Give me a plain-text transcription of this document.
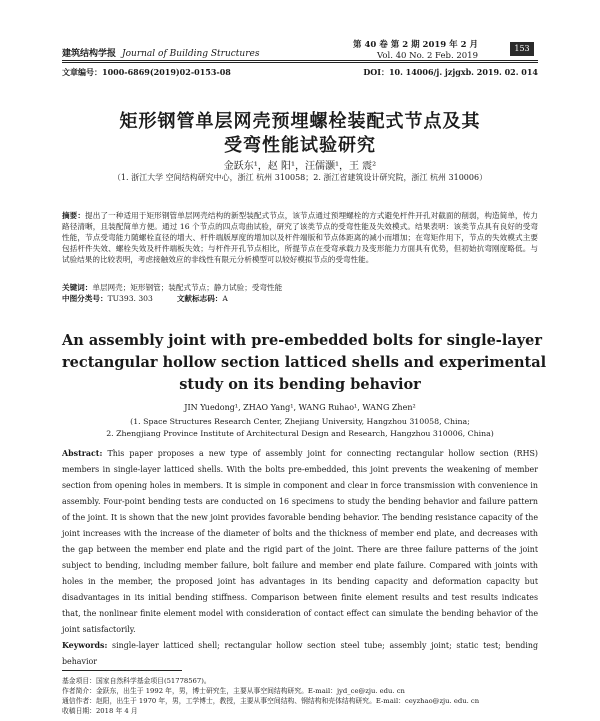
建筑结构学报 Journal of Building Structures
第 40 卷 第 2 期 2019 年 2 月
Vol. 40 No. 2 Feb. 2019
153
文章编号：1000-6869(2019)02-0153-08	DOI：10. 14006/j. jzjgxb. 2019. 02. 014
矩形钢管单层网壳预埋螺栓装配式节点及其
受弯性能试验研究
金跃东¹，赵 阳¹，汪儒灏¹，王 震²
（1. 浙江大学 空间结构研究中心，浙江 杭州 310058；2. 浙江省建筑设计研究院，浙江 杭州 310006）
摘要：提出了一种适用于矩形钢管单层网壳结构的新型装配式节点，该节点通过预埋螺栓的方式避免杆件开孔对截面的削弱，构造简单，传力路径清晰，且装配简单方便。通过 16 个节点的四点弯曲试验，研究了该类节点的受弯性能及失效模式。结果表明：该类节点具有良好的受弯性能，节点受弯能力随螺栓直径的增大、杆件端版厚度的增加以及杆件端版和节点体距离的减小而增加；在弯矩作用下，节点的失效模式主要包括杆件失效、螺栓失效及杆件端板失效；与杆件开孔节点相比，所提节点在受弯承载力及变形能力方面具有优势，但初始抗弯刚度略低。与试验结果的比较表明，考虑接触效应的非线性有限元分析模型可以较好模拟节点的受弯性能。
关键词：单层网壳；矩形钢管；装配式节点；静力试验；受弯性能
中图分类号：TU393. 303	文献标志码：A
An assembly joint with pre-embedded bolts for single-layer
rectangular hollow section latticed shells and experimental
study on its bending behavior
JIN Yuedong¹, ZHAO Yang¹, WANG Ruhao¹, WANG Zhen²
(1. Space Structures Research Center, Zhejiang University, Hangzhou 310058, China;
2. Zhengjiang Province Institute of Architectural Design and Research, Hangzhou 310006, China)
Abstract: This paper proposes a new type of assembly joint for connecting rectangular hollow section (RHS) members in single-layer latticed shells. With the bolts pre-embedded, this joint prevents the weakening of member section from opening holes in members. It is simple in component and clear in force transmission with convenience in assembly. Four-point bending tests are conducted on 16 specimens to study the bending behavior and failure pattern of the joint. It is shown that the new joint provides favorable bending behavior. The bending resistance capacity of the joint increases with the increase of the diameter of bolts and the thickness of member end plate, and decreases with the gap between the member end plate and the rigid part of the joint. There are three failure patterns of the joint subject to bending, including member failure, bolt failure and member end plate failure. Compared with joints with holes in the member, the proposed joint has advantages in its bending capacity and deformation capacity but disadvantages in its initial bending stiffness. Comparison between finite element results and test results indicates that, the nonlinear finite element model with consideration of contact effect can simulate the bending behavior of the joint satisfactorily.
Keywords: single-layer latticed shell; rectangular hollow section steel tube; assembly joint; static test; bending behavior
基金项目：国家自然科学基金项目(51778567)。
作者简介：金跃东，出生于 1992 年，男，博士研究生，主要从事空间结构研究。E-mail：jyd_ce@zju. edu. cn
通信作者：赵阳，出生于 1970 年，男，工学博士，教授，主要从事空间结构、钢结构和壳体结构研究。E-mail：ceyzhao@zju. edu. cn
收稿日期：2018 年 4 月
